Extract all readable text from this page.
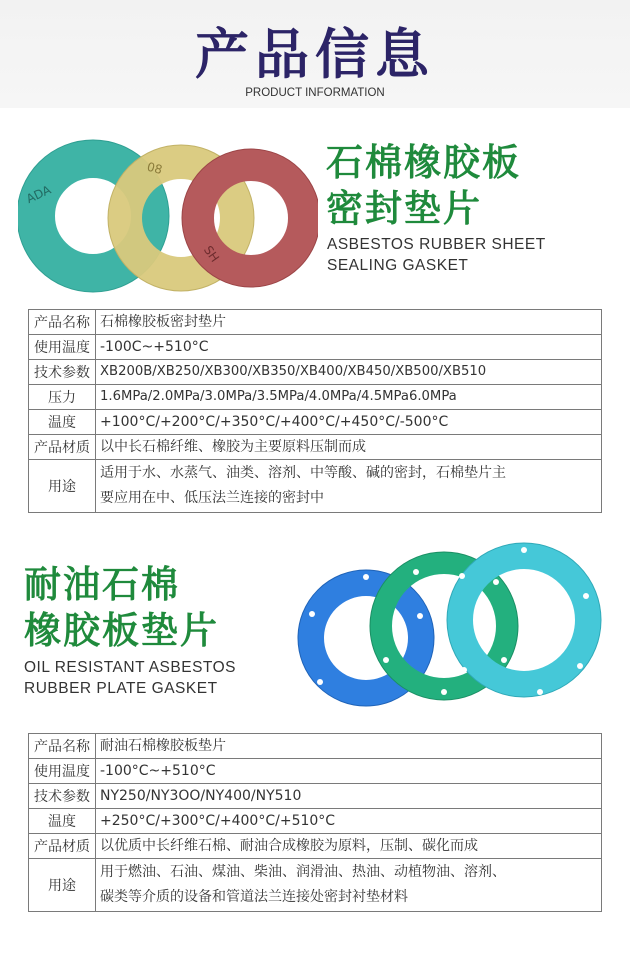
产品信息
PRODUCT INFORMATION
ADA
08
SH
石棉橡胶板
密封垫片
ASBESTOS RUBBER SHEET
SEALING GASKET
产品名称	石棉橡胶板密封垫片
使用温度	-100C~+510°C
技术参数	XB200B/XB250/XB300/XB350/XB400/XB450/XB500/XB510
压力	1.6MPa/2.0MPa/3.0MPa/3.5MPa/4.0MPa/4.5MPa6.0MPa
温度	+100°C/+200°C/+350°C/+400°C/+450°C/-500°C
产品材质	以中长石棉纤维、橡胶为主要原料压制而成
用途	适用于水、水蒸气、油类、溶剂、中等酸、碱的密封，石棉垫片主
要应用在中、低压法兰连接的密封中
耐油石棉
橡胶板垫片
OIL RESISTANT ASBESTOS
RUBBER PLATE GASKET
产品名称	耐油石棉橡胶板垫片
使用温度	-100°C~+510°C
技术参数	NY250/NY3OO/NY400/NY510
温度	+250°C/+300°C/+400°C/+510°C
产品材质	以优质中长纤维石棉、耐油合成橡胶为原料，压制、碳化而成
用途	用于燃油、石油、煤油、柴油、润滑油、热油、动植物油、溶剂、
碳类等介质的设备和管道法兰连接处密封衬垫材料
